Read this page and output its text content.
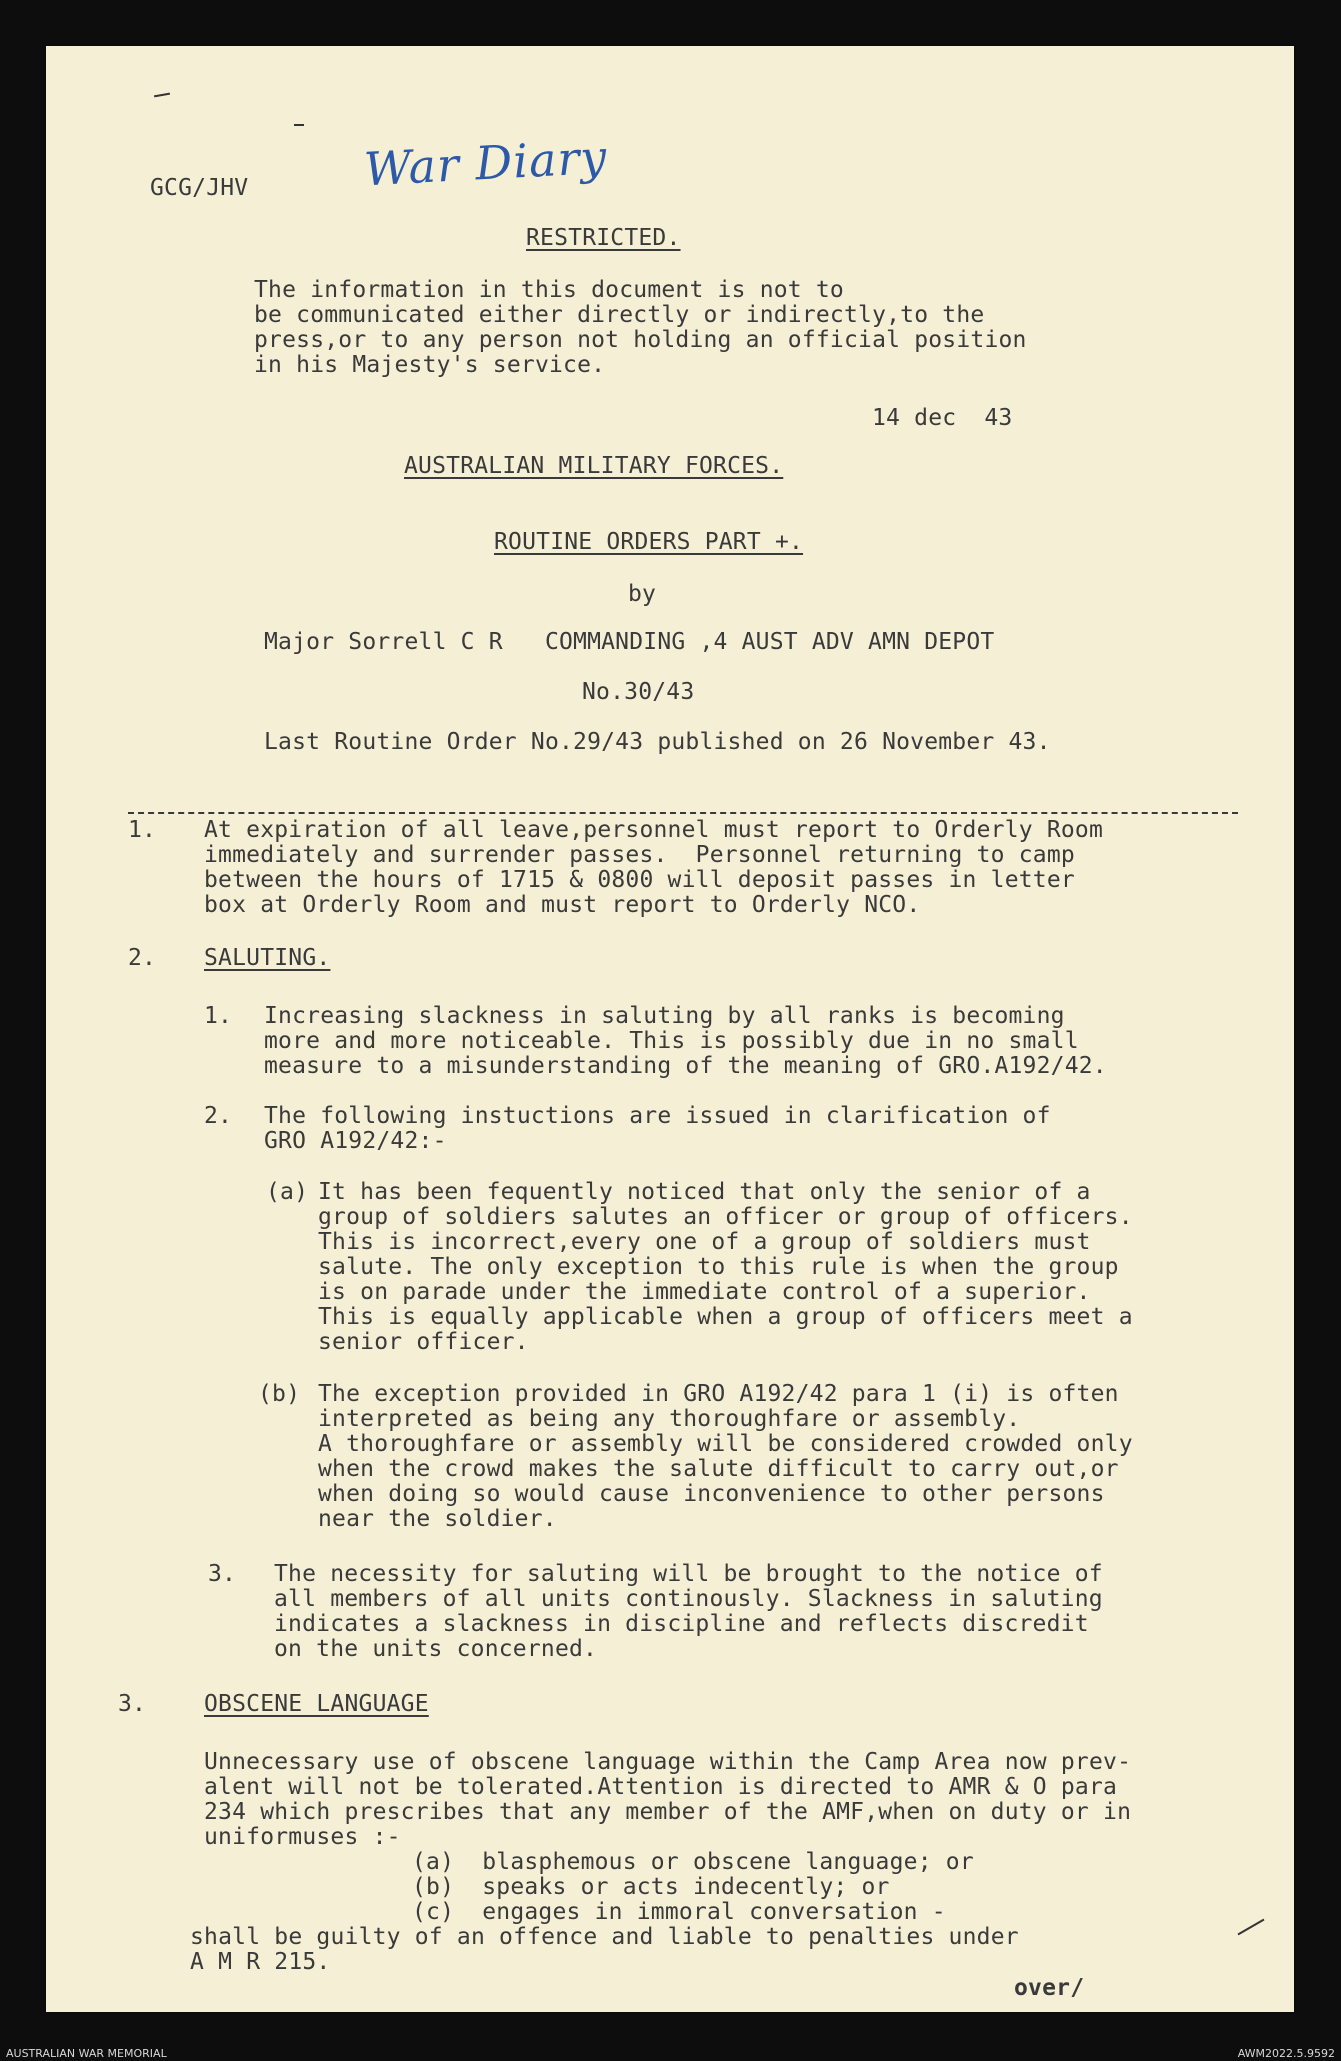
War Diary
GCG/JHV
RESTRICTED.
The information in this document is not to
be communicated either directly or indirectly,to the
press,or to any person not holding an official position
in his Majesty's service.
14 dec  43
AUSTRALIAN MILITARY FORCES.
ROUTINE ORDERS PART +.
by
Major Sorrell C R   COMMANDING ,4 AUST ADV AMN DEPOT
No.30/43
Last Routine Order No.29/43 published on 26 November 43.
1. At expiration of all leave,personnel must report to Orderly Room
immediately and surrender passes.  Personnel returning to camp
between the hours of 1715 & 0800 will deposit passes in letter
box at Orderly Room and must report to Orderly NCO.
2. SALUTING.
1. Increasing slackness in saluting by all ranks is becoming
more and more noticeable. This is possibly due in no small
measure to a misunderstanding of the meaning of GRO.A192/42.
2. The following instuctions are issued in clarification of
GRO A192/42:-
(a) It has been fequently noticed that only the senior of a
group of soldiers salutes an officer or group of officers.
This is incorrect,every one of a group of soldiers must
salute. The only exception to this rule is when the group
is on parade under the immediate control of a superior.
This is equally applicable when a group of officers meet a
senior officer.
(b) The exception provided in GRO A192/42 para 1 (i) is often
interpreted as being any thoroughfare or assembly.
A thoroughfare or assembly will be considered crowded only
when the crowd makes the salute difficult to carry out,or
when doing so would cause inconvenience to other persons
near the soldier.
3. The necessity for saluting will be brought to the notice of
all members of all units continously. Slackness in saluting
indicates a slackness in discipline and reflects discredit
on the units concerned.
3.	OBSCENE LANGUAGE
Unnecessary use of obscene language within the Camp Area now prev-
alent will not be tolerated.Attention is directed to AMR & O para
234 which prescribes that any member of the AMF,when on duty or in
uniformuses :-
(a)  blasphemous or obscene language; or
(b)  speaks or acts indecently; or
(c)  engages in immoral conversation -
shall be guilty of an offence and liable to penalties under
A M R 215.
over/
AUSTRALIAN WAR MEMORIAL	AWM2022.5.9592
